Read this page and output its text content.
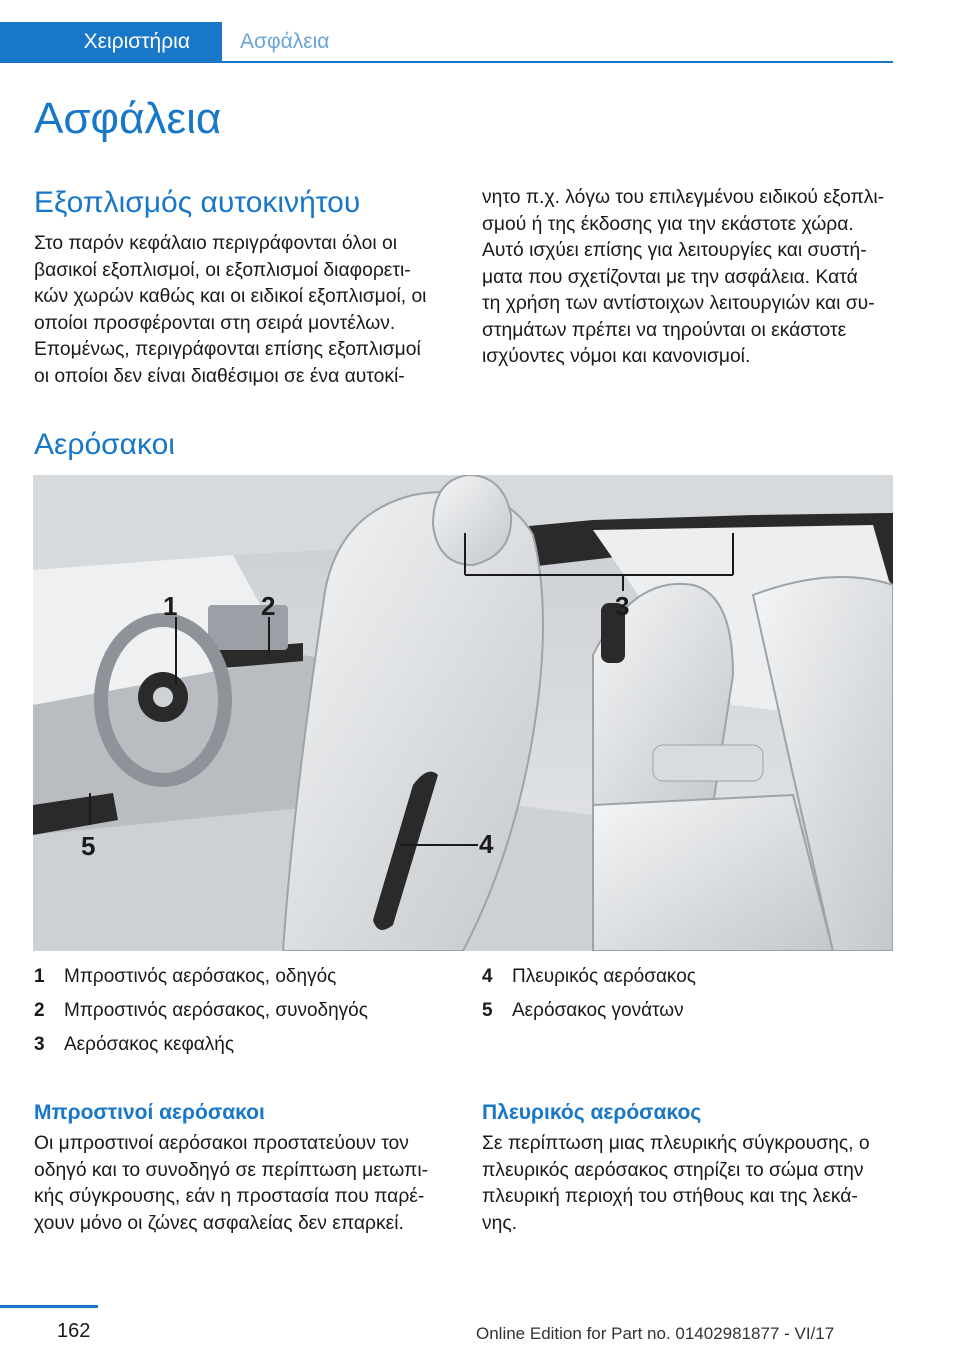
Χειριστήρια	Ασφάλεια
Ασφάλεια
Εξοπλισμός αυτοκινήτου
Στο παρόν κεφάλαιο περιγράφονται όλοι οι
βασικοί εξοπλισμοί, οι εξοπλισμοί διαφορετι-
κών χωρών καθώς και οι ειδικοί εξοπλισμοί, οι
οποίοι προσφέρονται στη σειρά μοντέλων.
Επομένως, περιγράφονται επίσης εξοπλισμοί
οι οποίοι δεν είναι διαθέσιμοι σε ένα αυτοκί-
νητο π.χ. λόγω του επιλεγμένου ειδικού εξοπλι-
σμού ή της έκδοσης για την εκάστοτε χώρα.
Αυτό ισχύει επίσης για λειτουργίες και συστή-
ματα που σχετίζονται με την ασφάλεια. Κατά
τη χρήση των αντίστοιχων λειτουργιών και συ-
στημάτων πρέπει να τηρούνται οι εκάστοτε
ισχύοντες νόμοι και κανονισμοί.
Αερόσακοι
1	2	3
4
5
1	Μπροστινός αερόσακος, οδηγός
2	Μπροστινός αερόσακος, συνοδηγός
3	Αερόσακος κεφαλής
4	Πλευρικός αερόσακος
5	Αερόσακος γονάτων
Μπροστινοί αερόσακοι
Οι μπροστινοί αερόσακοι προστατεύουν τον
οδηγό και το συνοδηγό σε περίπτωση μετωπι-
κής σύγκρουσης, εάν η προστασία που παρέ-
χουν μόνο οι ζώνες ασφαλείας δεν επαρκεί.
Πλευρικός αερόσακος
Σε περίπτωση μιας πλευρικής σύγκρουσης, ο
πλευρικός αερόσακος στηρίζει το σώμα στην
πλευρική περιοχή του στήθους και της λεκά-
νης.
162	Online Edition for Part no. 01402981877 - VI/17
